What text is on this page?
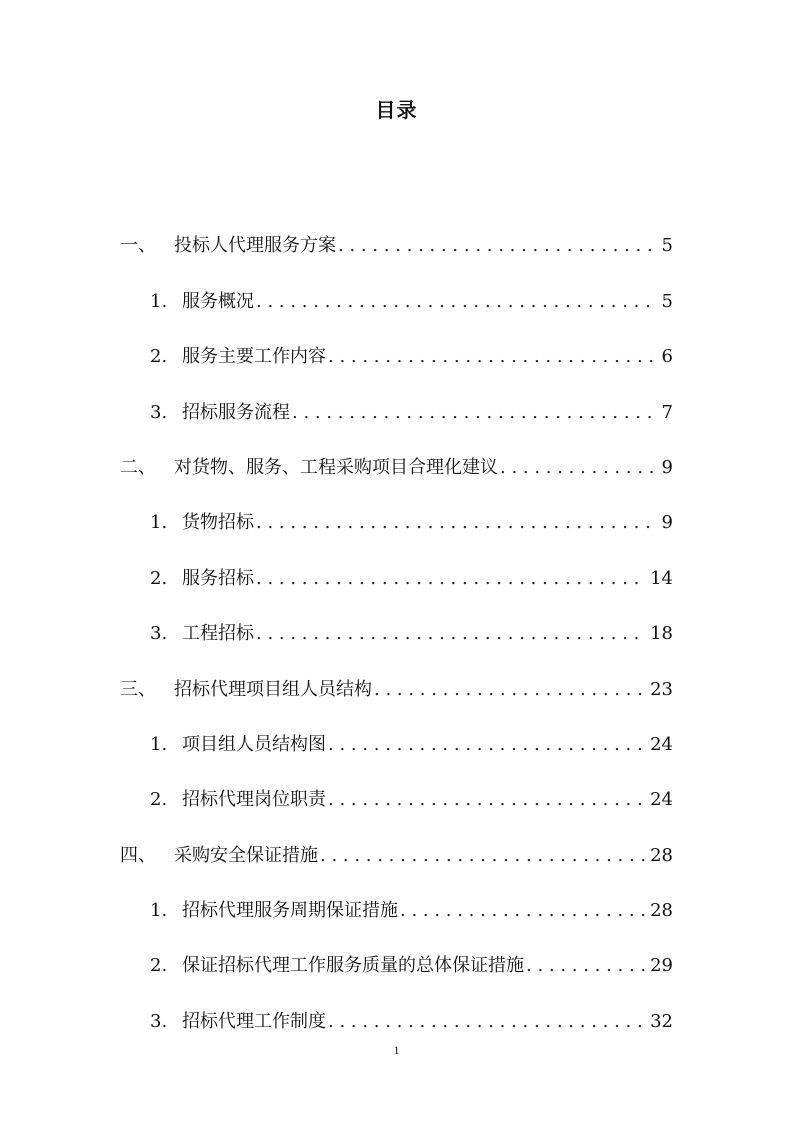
目录
一、	投标人代理服务方案 . . .	5
1. 服务概况 . . .	5
2. 服务主要工作内容 . . .	6
3. 招标服务流程 . . .	7
二、	对货物、服务、工程采购项目合理化建议 . . .	9
1. 货物招标 . . .	9
2. 服务招标 . . .	14
3. 工程招标 . . .	18
三、	招标代理项目组人员结构 . . .	23
1. 项目组人员结构图 . . .	24
2. 招标代理岗位职责 . . .	24
四、	采购安全保证措施 . . .	28
1. 招标代理服务周期保证措施 . . .	28
2. 保证招标代理工作服务质量的总体保证措施 . . .	29
3. 招标代理工作制度 . . .	32
1
